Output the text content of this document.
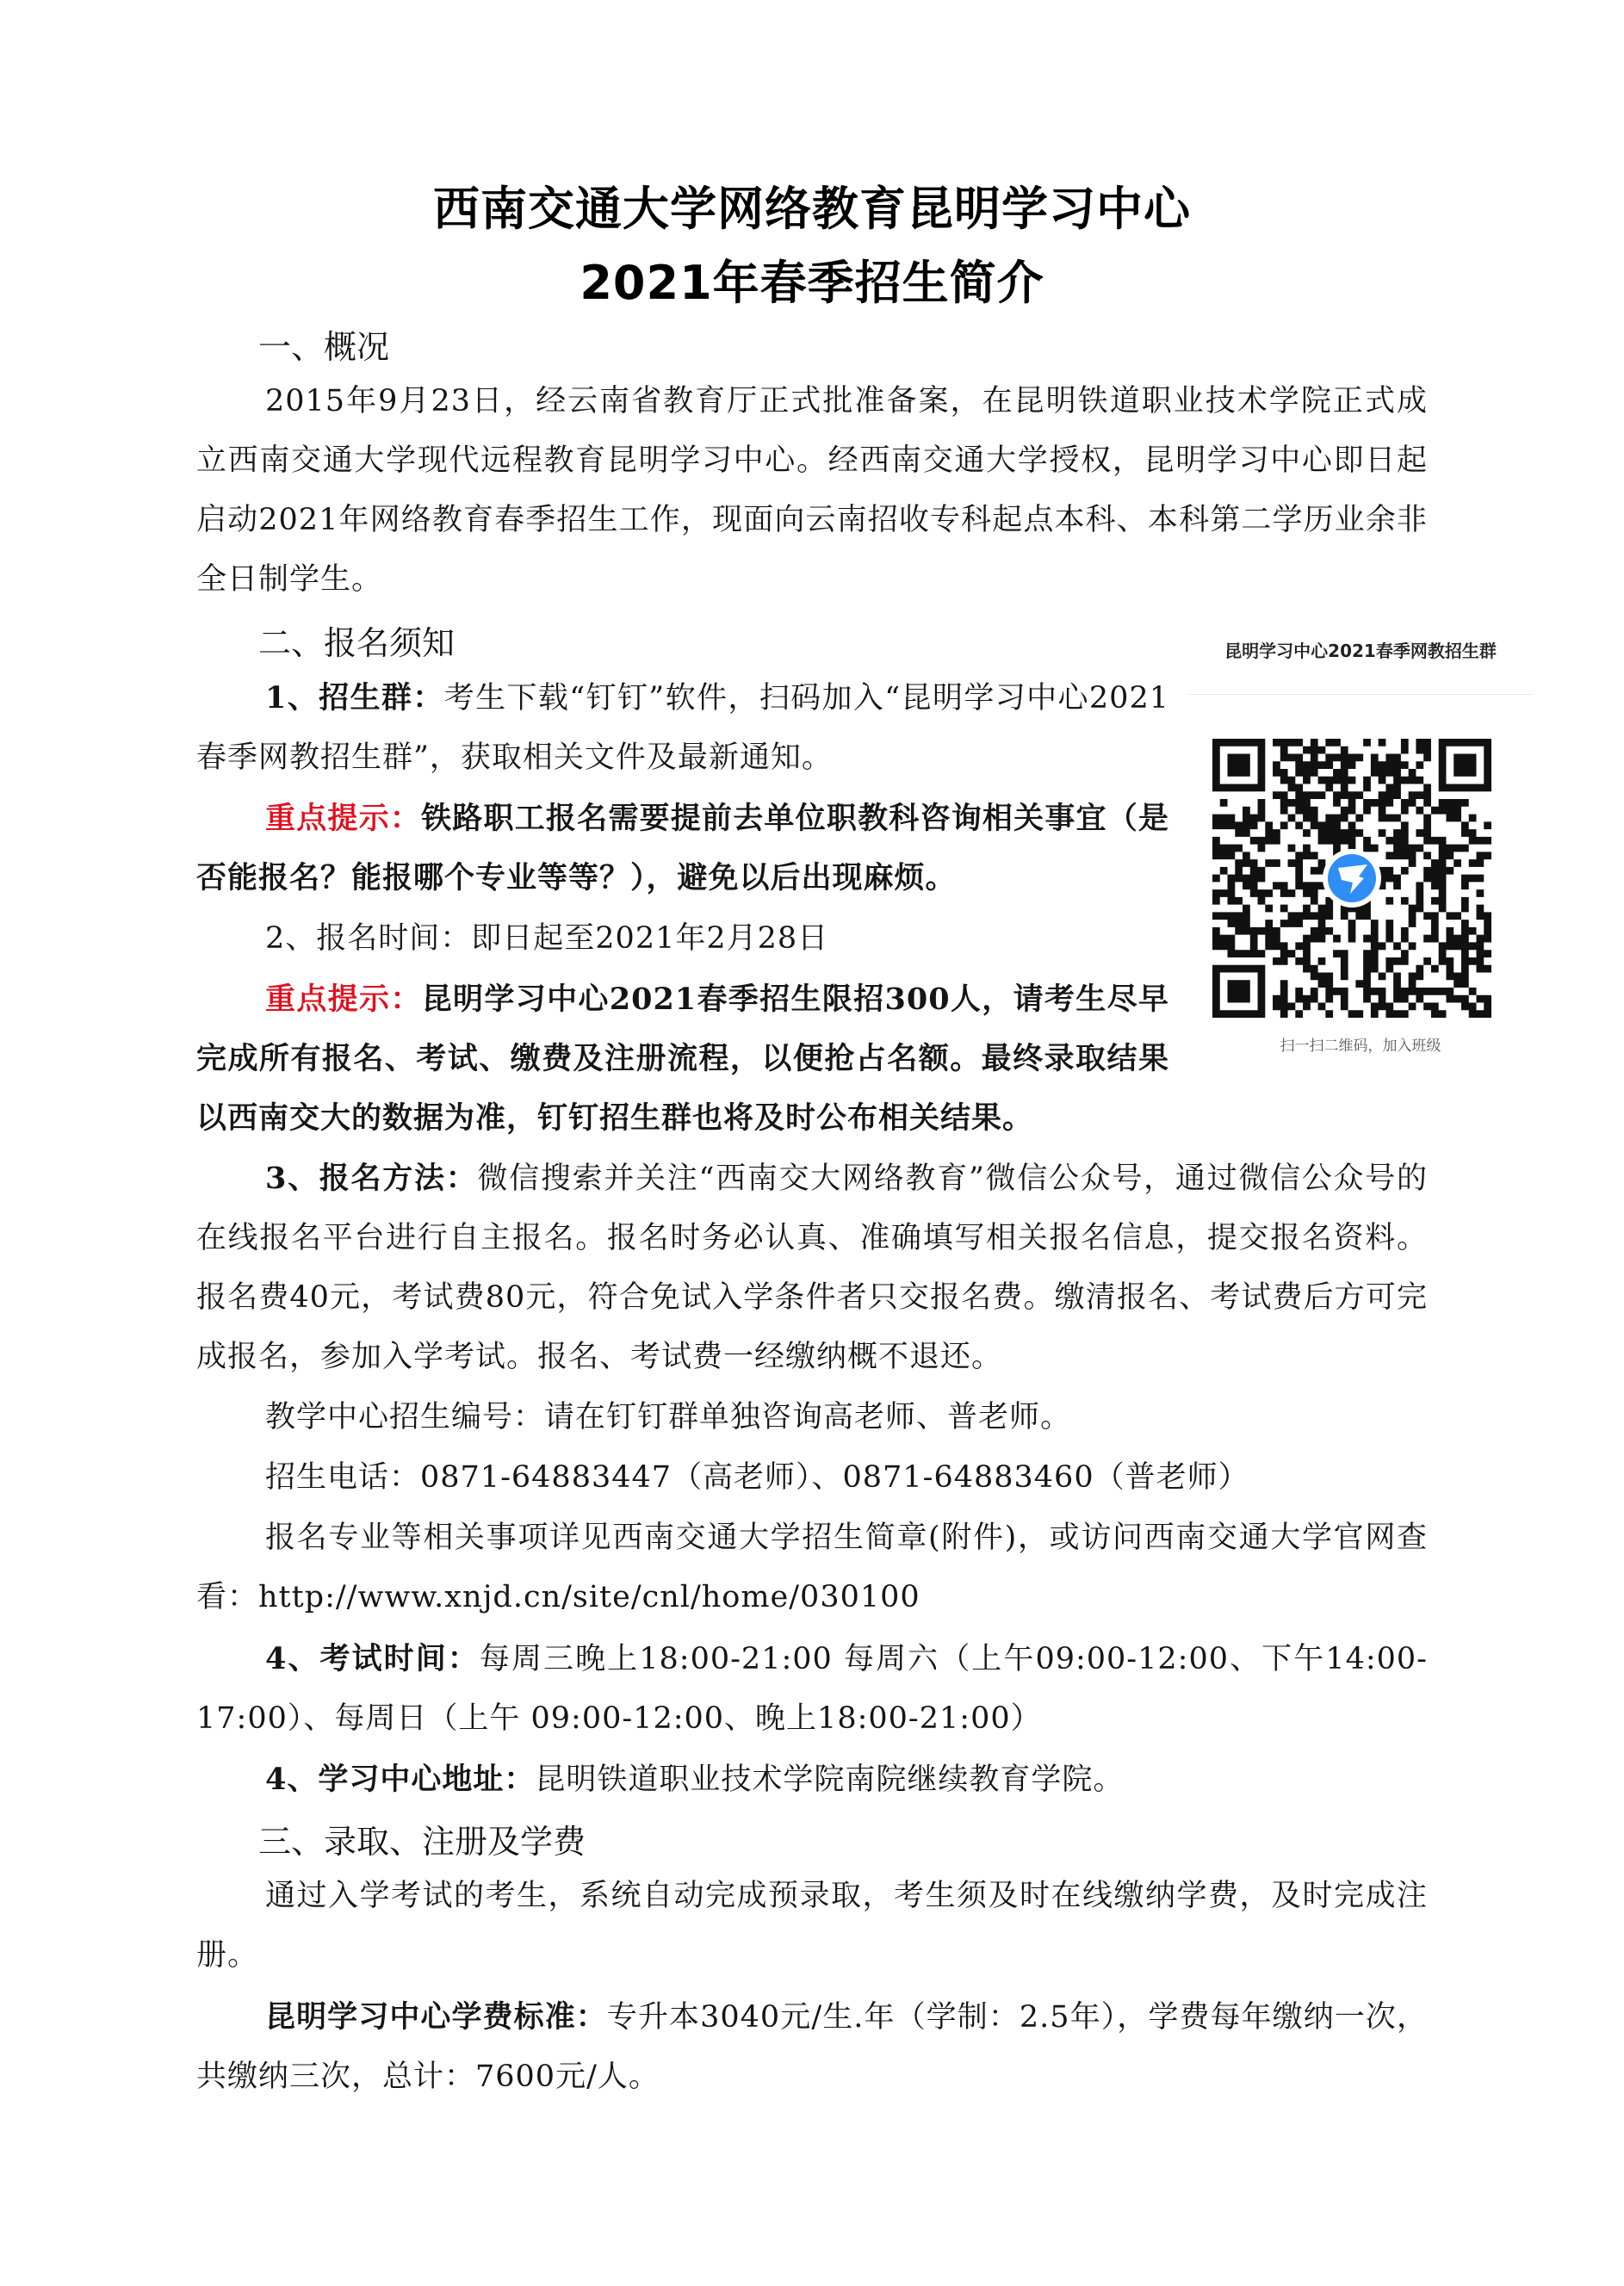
西南交通大学网络教育昆明学习中心
2021年春季招生简介
一、概况
2015年9月23日，经云南省教育厅正式批准备案，在昆明铁道职业技术学院正式成立西南交通大学现代远程教育昆明学习中心。经西南交通大学授权，昆明学习中心即日起启动2021年网络教育春季招生工作，现面向云南招收专科起点本科、本科第二学历业余非全日制学生。
二、报名须知
1、招生群：考生下载“钉钉”软件，扫码加入“昆明学习中心2021春季网教招生群”，获取相关文件及最新通知。
重点提示：铁路职工报名需要提前去单位职教科咨询相关事宜（是否能报名？能报哪个专业等等？），避免以后出现麻烦。
2、报名时间：即日起至2021年2月28日
重点提示：昆明学习中心2021春季招生限招300人，请考生尽早完成所有报名、考试、缴费及注册流程，以便抢占名额。最终录取结果以西南交大的数据为准，钉钉招生群也将及时公布相关结果。
3、报名方法：微信搜索并关注“西南交大网络教育”微信公众号，通过微信公众号的在线报名平台进行自主报名。报名时务必认真、准确填写相关报名信息，提交报名资料。报名费40元，考试费80元，符合免试入学条件者只交报名费。缴清报名、考试费后方可完成报名，参加入学考试。报名、考试费一经缴纳概不退还。
教学中心招生编号：请在钉钉群单独咨询高老师、普老师。
招生电话：0871-64883447（高老师）、0871-64883460（普老师）
报名专业等相关事项详见西南交通大学招生简章(附件)，或访问西南交通大学官网查看：http://www.xnjd.cn/site/cnl/home/030100
4、考试时间：每周三晚上18:00-21:00 每周六（上午09:00-12:00、下午14:00-17:00）、每周日（上午 09:00-12:00、晚上18:00-21:00）
4、学习中心地址：昆明铁道职业技术学院南院继续教育学院。
三、录取、注册及学费
通过入学考试的考生，系统自动完成预录取，考生须及时在线缴纳学费，及时完成注册。
昆明学习中心学费标准：专升本3040元/生.年（学制：2.5年），学费每年缴纳一次，共缴纳三次，总计：7600元/人。
昆明学习中心2021春季网教招生群
扫一扫二维码，加入班级
